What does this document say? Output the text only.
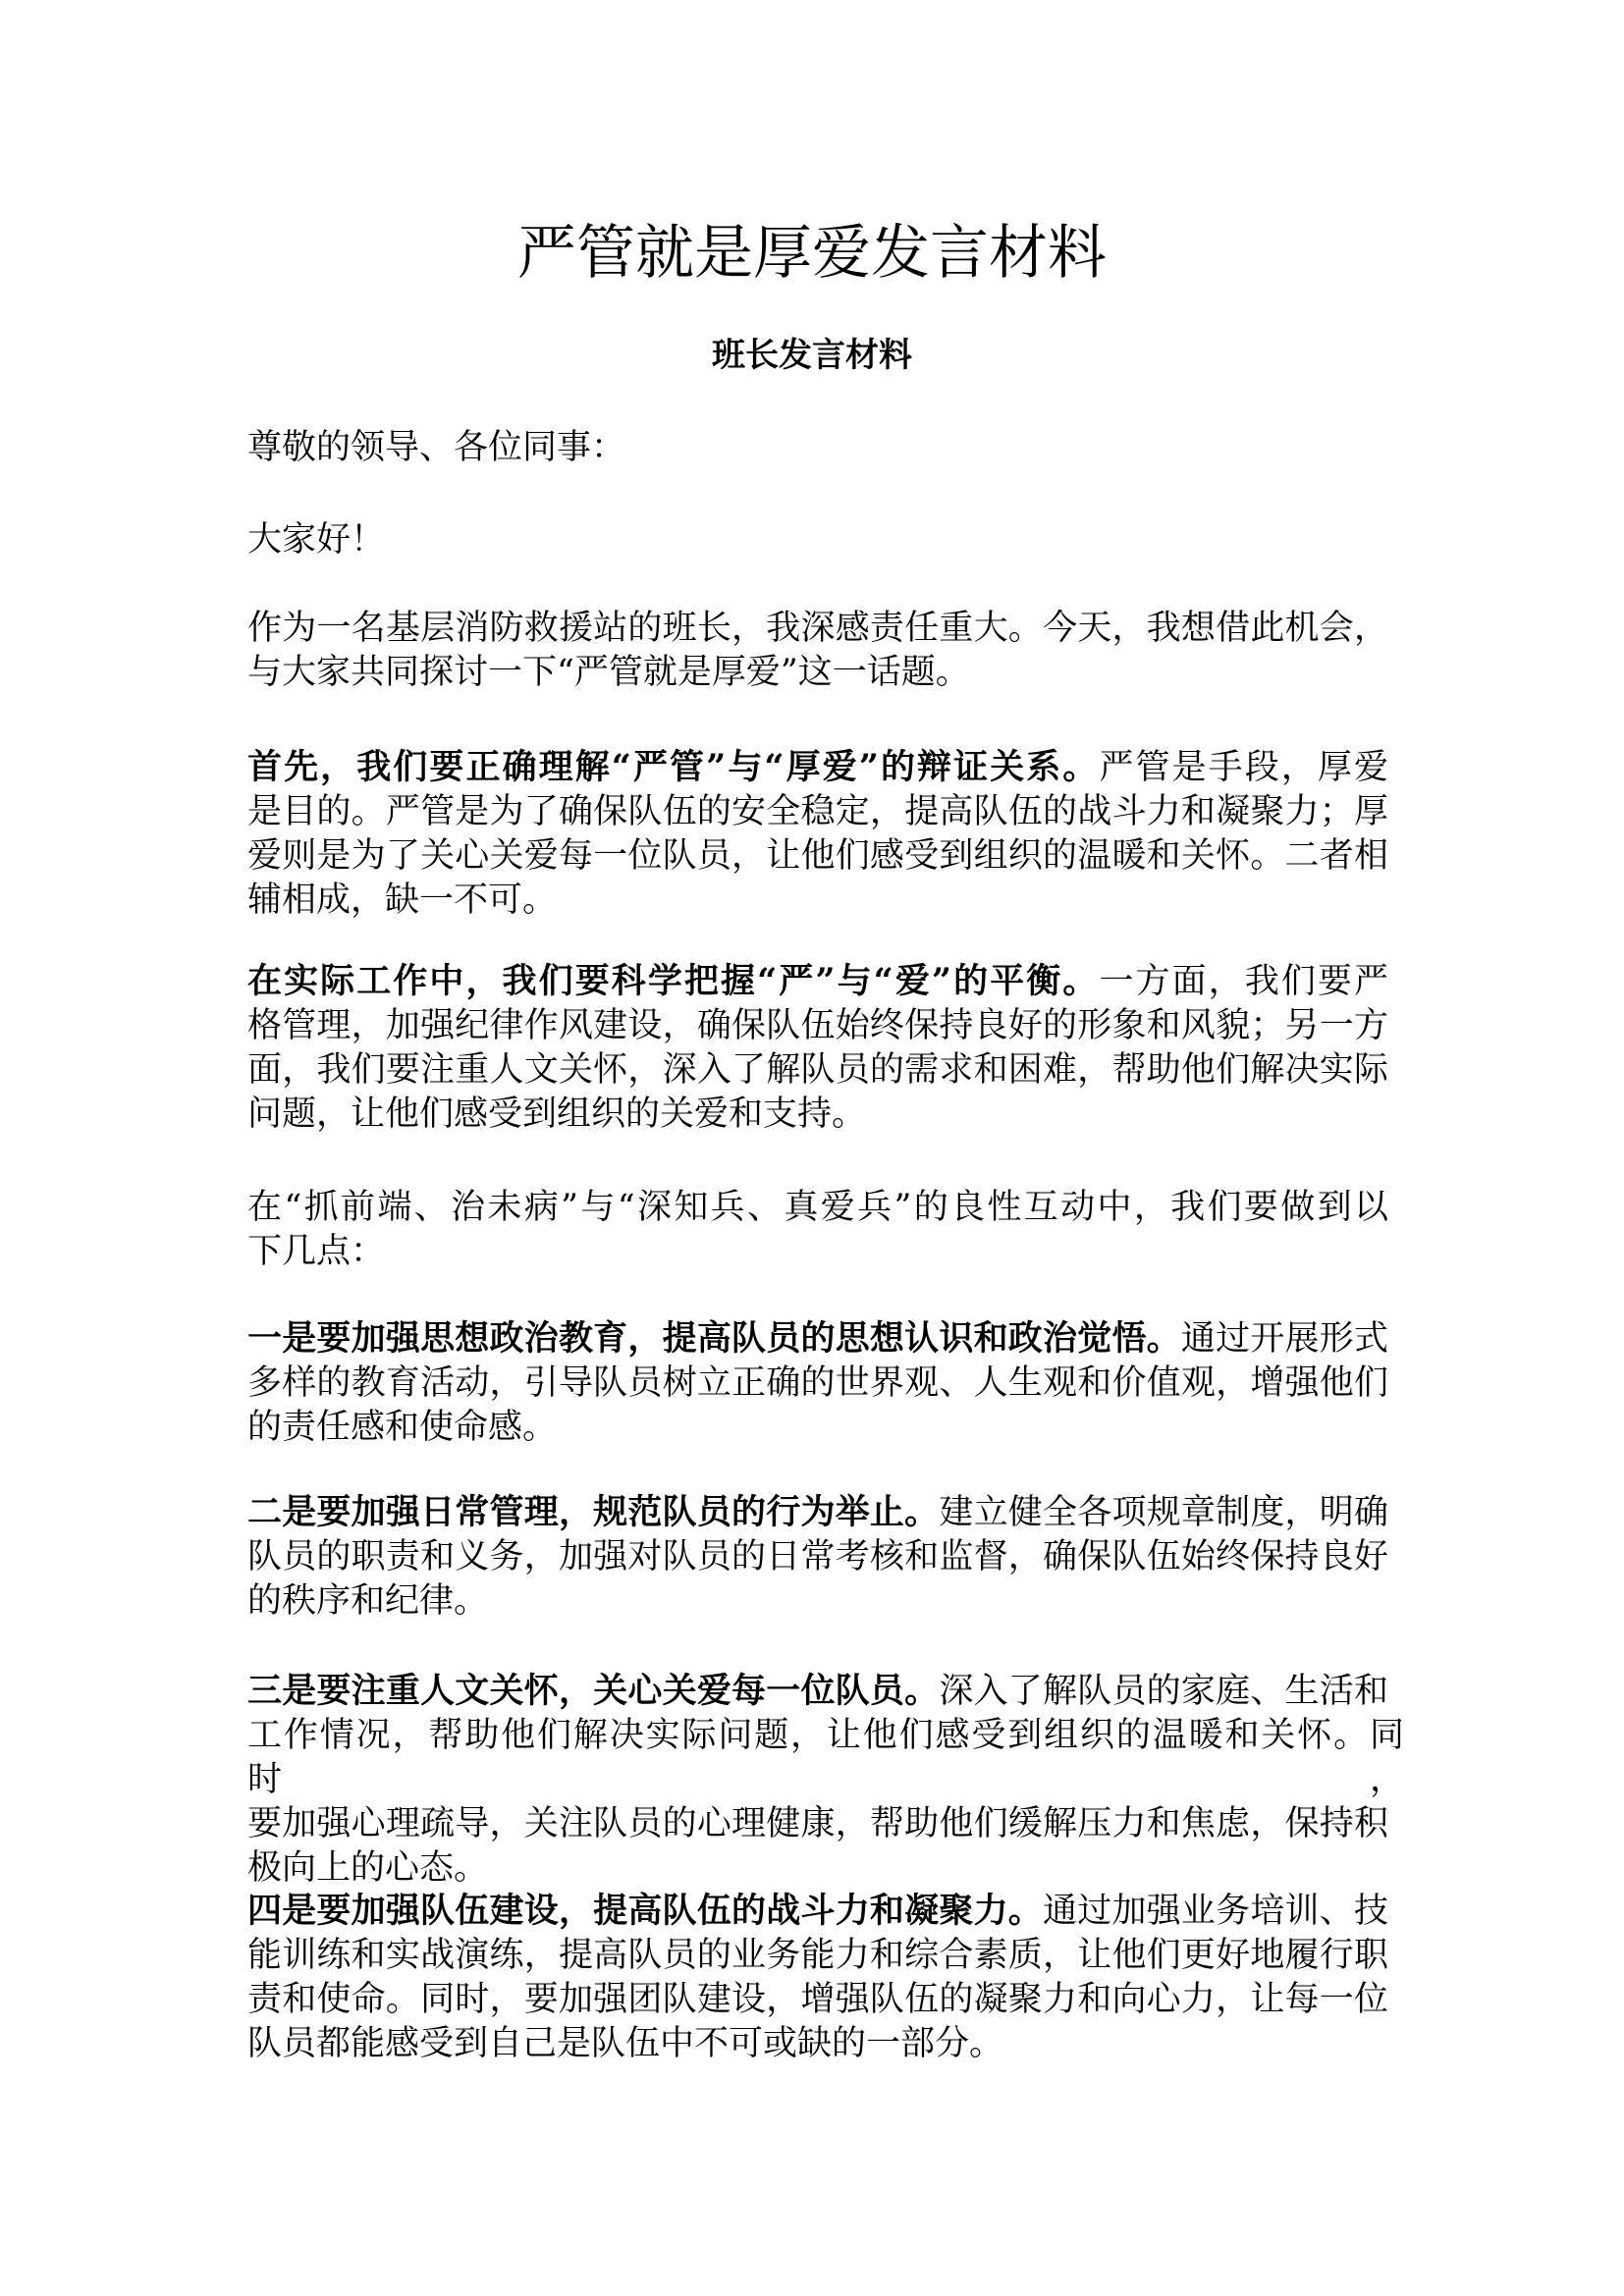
严管就是厚爱发言材料
班长发言材料

尊敬的领导、各位同事：

大家好！

作为一名基层消防救援站的班长，我深感责任重大。今天，我想借此机会，
与大家共同探讨一下“严管就是厚爱”这一话题。

首先，我们要正确理解“严管”与“厚爱”的辩证关系。严管是手段，厚爱
是目的。严管是为了确保队伍的安全稳定，提高队伍的战斗力和凝聚力；厚
爱则是为了关心关爱每一位队员，让他们感受到组织的温暖和关怀。二者相
辅相成，缺一不可。

在实际工作中，我们要科学把握“严”与“爱”的平衡。一方面，我们要严
格管理，加强纪律作风建设，确保队伍始终保持良好的形象和风貌；另一方
面，我们要注重人文关怀，深入了解队员的需求和困难，帮助他们解决实际
问题，让他们感受到组织的关爱和支持。

在“抓前端、治未病”与“深知兵、真爱兵”的良性互动中，我们要做到以
下几点：

一是要加强思想政治教育，提高队员的思想认识和政治觉悟。通过开展形式
多样的教育活动，引导队员树立正确的世界观、人生观和价值观，增强他们
的责任感和使命感。

二是要加强日常管理，规范队员的行为举止。建立健全各项规章制度，明确
队员的职责和义务，加强对队员的日常考核和监督，确保队伍始终保持良好
的秩序和纪律。

三是要注重人文关怀，关心关爱每一位队员。深入了解队员的家庭、生活和
工作情况，帮助他们解决实际问题，让他们感受到组织的温暖和关怀。同时，
要加强心理疏导，关注队员的心理健康，帮助他们缓解压力和焦虑，保持积
极向上的心态。

四是要加强队伍建设，提高队伍的战斗力和凝聚力。通过加强业务培训、技
能训练和实战演练，提高队员的业务能力和综合素质，让他们更好地履行职
责和使命。同时，要加强团队建设，增强队伍的凝聚力和向心力，让每一位
队员都能感受到自己是队伍中不可或缺的一部分。
